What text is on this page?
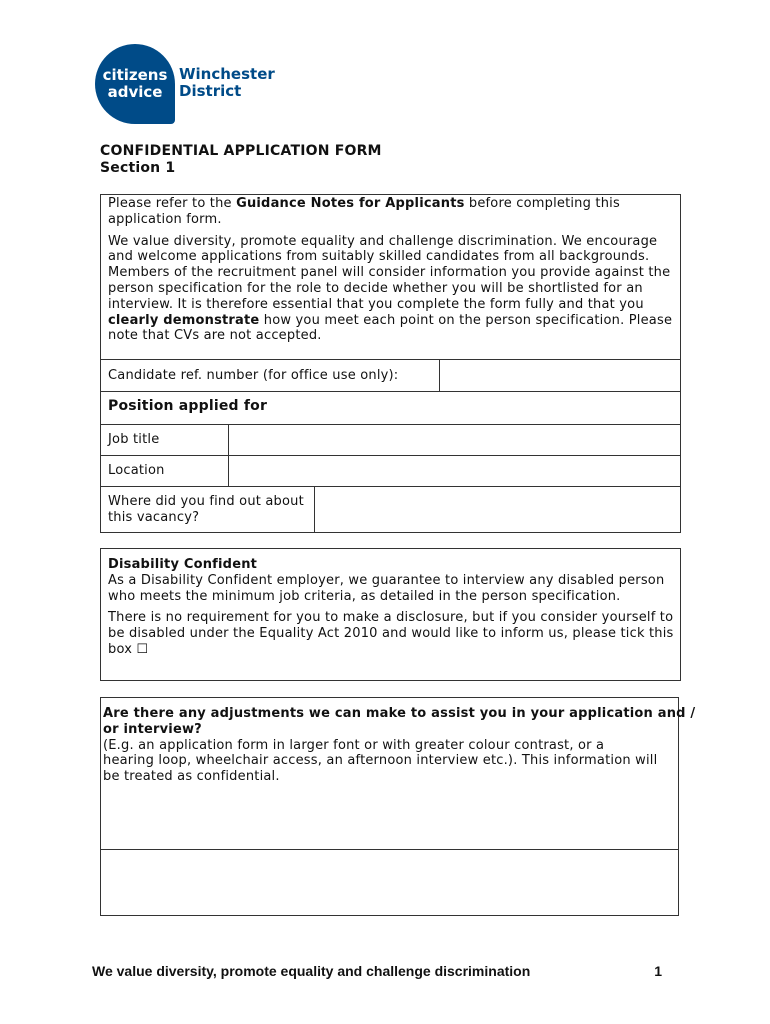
citizens
advice
Winchester
District
CONFIDENTIAL APPLICATION FORM
Section 1

Please refer to the Guidance Notes for Applicants before completing this application form.

We value diversity, promote equality and challenge discrimination. We encourage and welcome applications from suitably skilled candidates from all backgrounds. Members of the recruitment panel will consider information you provide against the person specification for the role to decide whether you will be shortlisted for an interview. It is therefore essential that you complete the form fully and that you clearly demonstrate how you meet each point on the person specification. Please note that CVs are not accepted.

Candidate ref. number (for office use only):
Position applied for
Job title
Location
Where did you find out about this vacancy?
Disability Confident

As a Disability Confident employer, we guarantee to interview any disabled person who meets the minimum job criteria, as detailed in the person specification.

There is no requirement for you to make a disclosure, but if you consider yourself to be disabled under the Equality Act 2010 and would like to inform us, please tick this box ☐

Are there any adjustments we can make to assist you in your application and /
or interview?
(E.g. an application form in larger font or with greater colour contrast, or a
hearing loop, wheelchair access, an afternoon interview etc.). This information will
be treated as confidential.
We value diversity, promote equality and challenge discrimination	1
